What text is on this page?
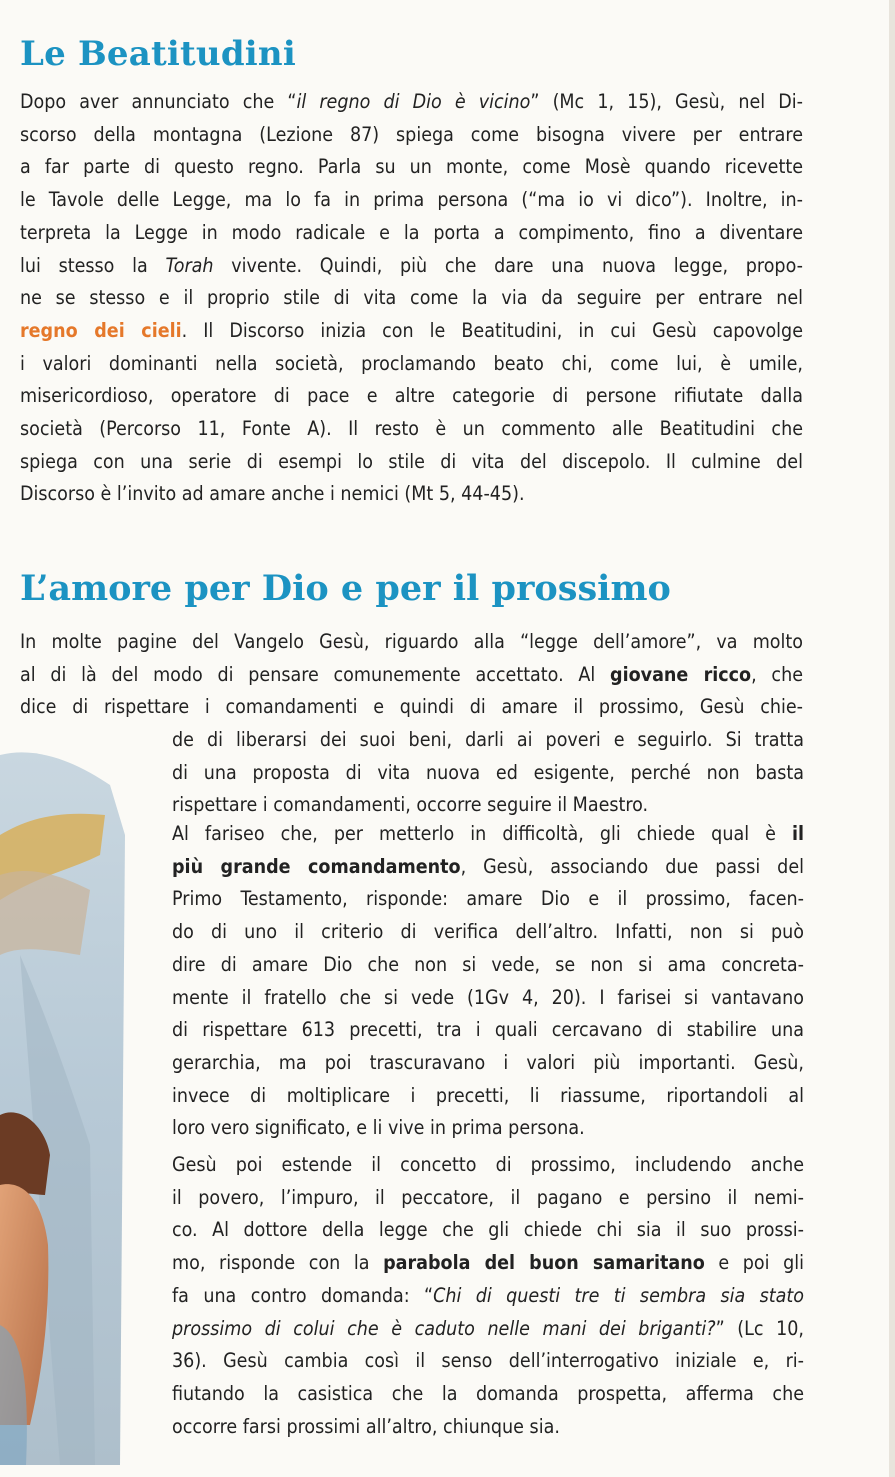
Le Beatitudini

Dopo aver annunciato che “il regno di Dio è vicino” (Mc 1, 15), Gesù, nel Di-
scorso della montagna (Lezione 87) spiega come bisogna vivere per entrare
a far parte di questo regno. Parla su un monte, come Mosè quando ricevette
le Tavole delle Legge, ma lo fa in prima persona (“ma io vi dico”). Inoltre, in-
terpreta la Legge in modo radicale e la porta a compimento, fino a diventare
lui stesso la Torah vivente. Quindi, più che dare una nuova legge, propo-
ne se stesso e il proprio stile di vita come la via da seguire per entrare nel
regno dei cieli. Il Discorso inizia con le Beatitudini, in cui Gesù capovolge
i valori dominanti nella società, proclamando beato chi, come lui, è umile,
misericordioso, operatore di pace e altre categorie di persone rifiutate dalla
società (Percorso 11, Fonte A). Il resto è un commento alle Beatitudini che
spiega con una serie di esempi lo stile di vita del discepolo. Il culmine del
Discorso è l’invito ad amare anche i nemici (Mt 5, 44-45).

L’amore per Dio e per il prossimo

In molte pagine del Vangelo Gesù, riguardo alla “legge dell’amore”, va molto
al di là del modo di pensare comunemente accettato. Al giovane ricco, che
dice di rispettare i comandamenti e quindi di amare il prossimo, Gesù chie-

de di liberarsi dei suoi beni, darli ai poveri e seguirlo. Si tratta
di una proposta di vita nuova ed esigente, perché non basta
rispettare i comandamenti, occorre seguire il Maestro.

Al fariseo che, per metterlo in difficoltà, gli chiede qual è il
più grande comandamento, Gesù, associando due passi del
Primo Testamento, risponde: amare Dio e il prossimo, facen-
do di uno il criterio di verifica dell’altro. Infatti, non si può
dire di amare Dio che non si vede, se non si ama concreta-
mente il fratello che si vede (1Gv 4, 20). I farisei si vantavano
di rispettare 613 precetti, tra i quali cercavano di stabilire una
gerarchia, ma poi trascuravano i valori più importanti. Gesù,
invece di moltiplicare i precetti, li riassume, riportandoli al
loro vero significato, e li vive in prima persona.

Gesù poi estende il concetto di prossimo, includendo anche
il povero, l’impuro, il peccatore, il pagano e persino il nemi-
co. Al dottore della legge che gli chiede chi sia il suo prossi-
mo, risponde con la parabola del buon samaritano e poi gli
fa una contro domanda: “Chi di questi tre ti sembra sia stato
prossimo di colui che è caduto nelle mani dei briganti?” (Lc 10,
36). Gesù cambia così il senso dell’interrogativo iniziale e, ri-
fiutando la casistica che la domanda prospetta, afferma che
occorre farsi prossimi all’altro, chiunque sia.
